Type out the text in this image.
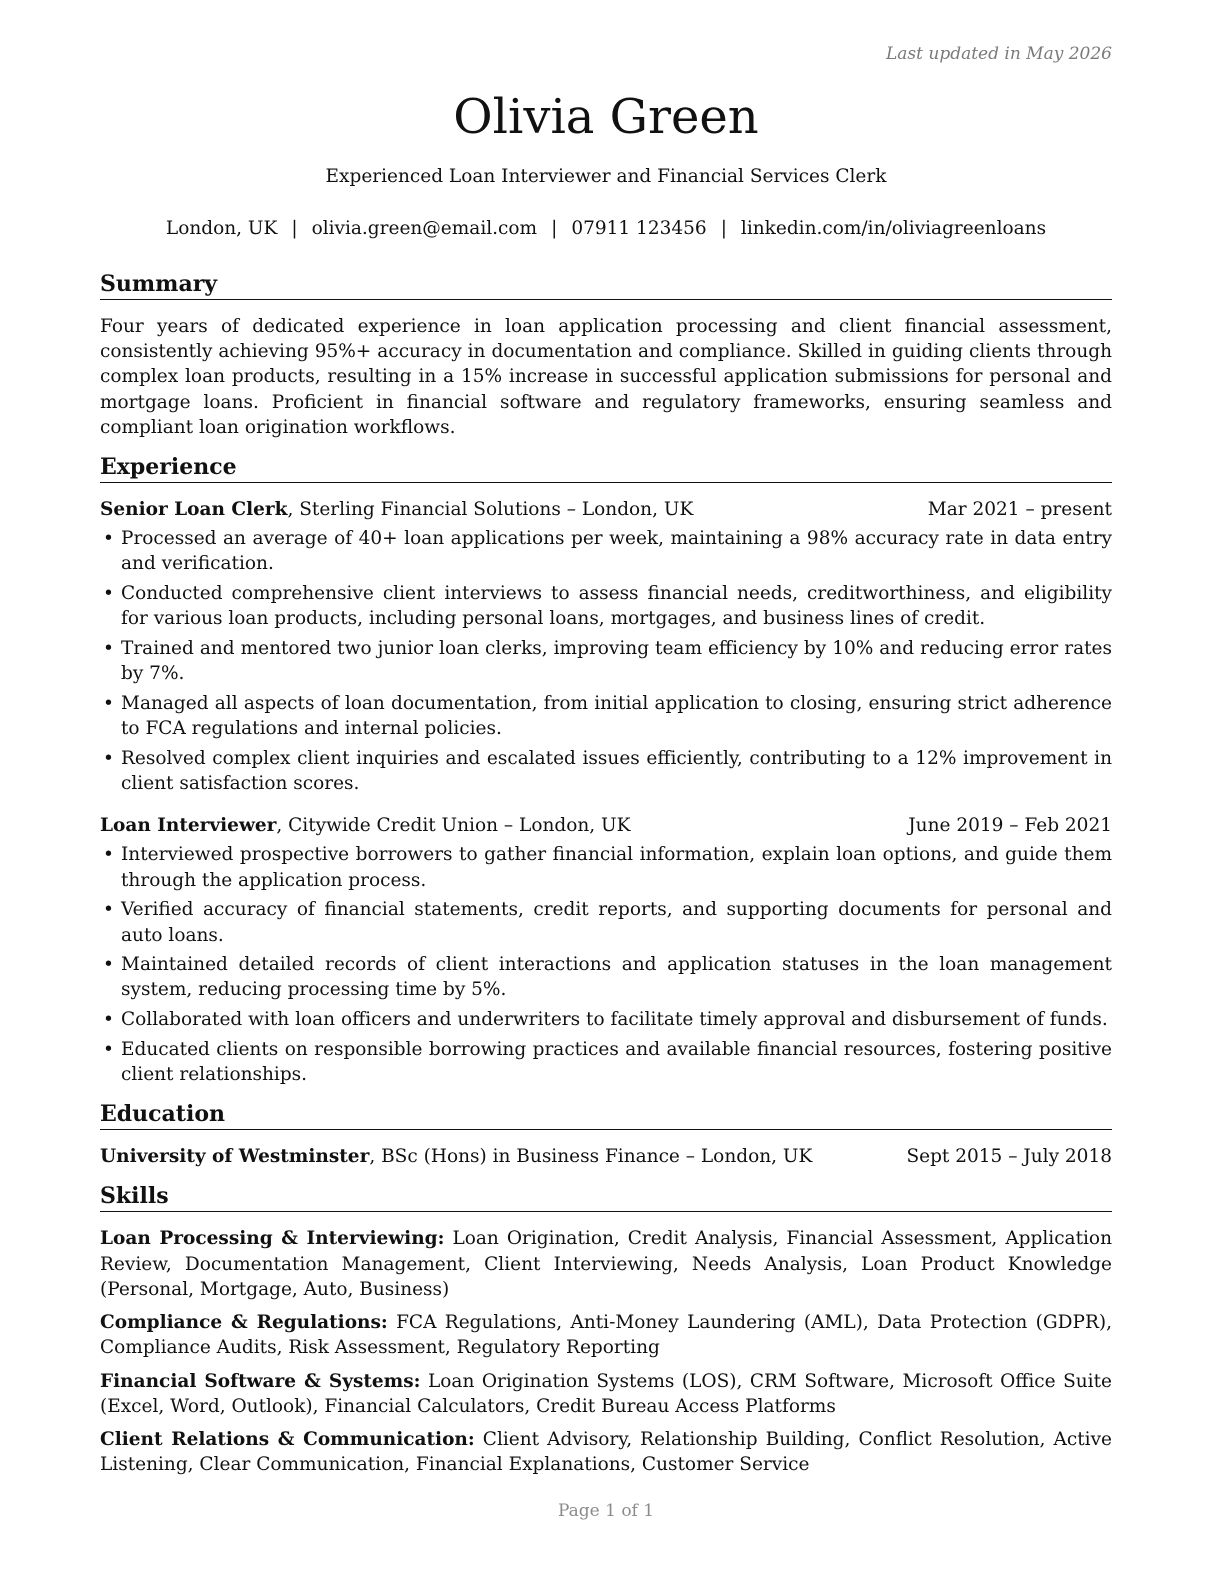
Last updated in May 2026
Olivia Green
Experienced Loan Interviewer and Financial Services Clerk
London, UK | olivia.green@email.com | 07911 123456 | linkedin.com/in/oliviagreenloans
Summary

Four years of dedicated experience in loan application processing and client financial assessment, consistently achieving 95%+ accuracy in documentation and compliance. Skilled in guiding clients through complex loan products, resulting in a 15% increase in successful application submissions for personal and mortgage loans. Proficient in financial software and regulatory frameworks, ensuring seamless and compliant loan origination workflows.

Experience
Senior Loan Clerk, Sterling Financial Solutions – London, UK	Mar 2021 – present
• Processed an average of 40+ loan applications per week, maintaining a 98% accuracy rate in data entry and verification.
• Conducted comprehensive client interviews to assess financial needs, creditworthiness, and eligibility for various loan products, including personal loans, mortgages, and business lines of credit.
• Trained and mentored two junior loan clerks, improving team efficiency by 10% and reducing error rates by 7%.
• Managed all aspects of loan documentation, from initial application to closing, ensuring strict adherence to FCA regulations and internal policies.
• Resolved complex client inquiries and escalated issues efficiently, contributing to a 12% improvement in client satisfaction scores.
Loan Interviewer, Citywide Credit Union – London, UK	June 2019 – Feb 2021
• Interviewed prospective borrowers to gather financial information, explain loan options, and guide them through the application process.
• Verified accuracy of financial statements, credit reports, and supporting documents for personal and auto loans.
• Maintained detailed records of client interactions and application statuses in the loan management system, reducing processing time by 5%.
• Collaborated with loan officers and underwriters to facilitate timely approval and disbursement of funds.
• Educated clients on responsible borrowing practices and available financial resources, fostering positive client relationships.
Education
University of Westminster, BSc (Hons) in Business Finance – London, UK	Sept 2015 – July 2018
Skills

Loan Processing & Interviewing: Loan Origination, Credit Analysis, Financial Assessment, Application Review, Documentation Management, Client Interviewing, Needs Analysis, Loan Product Knowledge (Personal, Mortgage, Auto, Business)

Compliance & Regulations: FCA Regulations, Anti-Money Laundering (AML), Data Protection (GDPR), Compliance Audits, Risk Assessment, Regulatory Reporting

Financial Software & Systems: Loan Origination Systems (LOS), CRM Software, Microsoft Office Suite (Excel, Word, Outlook), Financial Calculators, Credit Bureau Access Platforms

Client Relations & Communication: Client Advisory, Relationship Building, Conflict Resolution, Active Listening, Clear Communication, Financial Explanations, Customer Service

Page 1 of 1
